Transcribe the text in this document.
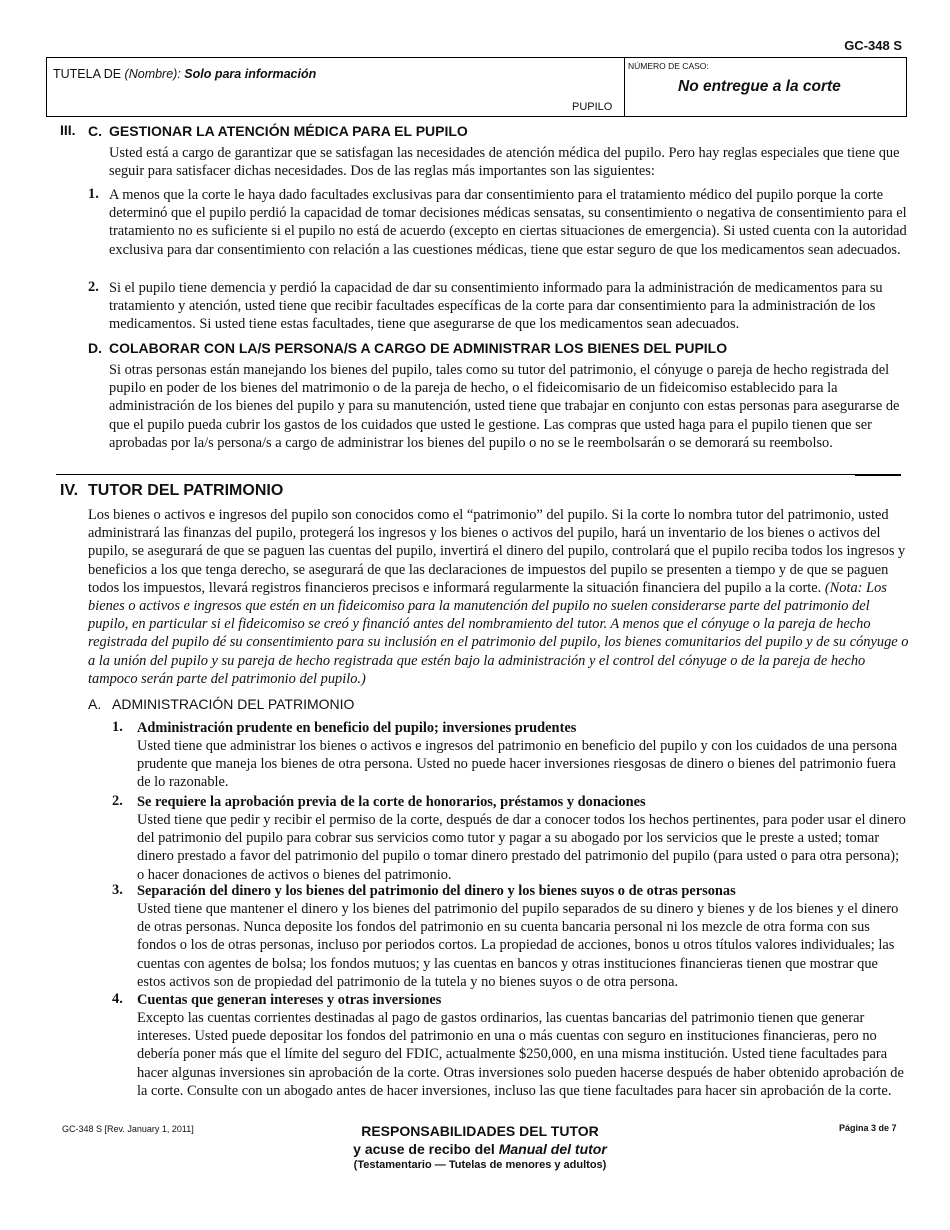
GC-348 S
TUTELA DE (Nombre): Solo para información
PUPILO
NÚMERO DE CASO:
No entregue a la corte
III. C. GESTIONAR LA ATENCIÓN MÉDICA PARA EL PUPILO
Usted está a cargo de garantizar que se satisfagan las necesidades de atención médica del pupilo. Pero hay reglas especiales que tiene que seguir para satisfacer dichas necesidades. Dos de las reglas más importantes son las siguientes:
1. A menos que la corte le haya dado facultades exclusivas para dar consentimiento para el tratamiento médico del pupilo porque la corte determinó que el pupilo perdió la capacidad de tomar decisiones médicas sensatas, su consentimiento o negativa de consentimiento para el tratamiento no es suficiente si el pupilo no está de acuerdo (excepto en ciertas situaciones de emergencia). Si usted cuenta con la autoridad exclusiva para dar consentimiento con relación a las cuestiones médicas, tiene que estar seguro de que los medicamentos sean adecuados.
2. Si el pupilo tiene demencia y perdió la capacidad de dar su consentimiento informado para la administración de medicamentos para su tratamiento y atención, usted tiene que recibir facultades específicas de la corte para dar consentimiento para la administración de los medicamentos. Si usted tiene estas facultades, tiene que asegurarse de que los medicamentos sean adecuados.
D. COLABORAR CON LA/S PERSONA/S A CARGO DE ADMINISTRAR LOS BIENES DEL PUPILO
Si otras personas están manejando los bienes del pupilo, tales como su tutor del patrimonio, el cónyuge o pareja de hecho registrada del pupilo en poder de los bienes del matrimonio o de la pareja de hecho, o el fideicomisario de un fideicomiso establecido para la administración de los bienes del pupilo y para su manutención, usted tiene que trabajar en conjunto con estas personas para asegurarse de que el pupilo pueda cubrir los gastos de los cuidados que usted le gestione. Las compras que usted haga para el pupilo tienen que ser aprobadas por la/s persona/s a cargo de administrar los bienes del pupilo o no se le reembolsarán o se demorará su reembolso.
IV. TUTOR DEL PATRIMONIO
Los bienes o activos e ingresos del pupilo son conocidos como el “patrimonio” del pupilo. Si la corte lo nombra tutor del patrimonio, usted administrará las finanzas del pupilo, protegerá los ingresos y los bienes o activos del pupilo, hará un inventario de los bienes o activos del pupilo, se asegurará de que se paguen las cuentas del pupilo, invertirá el dinero del pupilo, controlará que el pupilo reciba todos los ingresos y beneficios a los que tenga derecho, se asegurará de que las declaraciones de impuestos del pupilo se presenten a tiempo y de que se paguen todos los impuestos, llevará registros financieros precisos e informará regularmente la situación financiera del pupilo a la corte. (Nota: Los bienes o activos e ingresos que estén en un fideicomiso para la manutención del pupilo no suelen considerarse parte del patrimonio del pupilo, en particular si el fideicomiso se creó y financió antes del nombramiento del tutor. A menos que el cónyuge o la pareja de hecho registrada del pupilo dé su consentimiento para su inclusión en el patrimonio del pupilo, los bienes comunitarios del pupilo y de su cónyuge o a la unión del pupilo y su pareja de hecho registrada que estén bajo la administración y el control del cónyuge o de la pareja de hecho tampoco serán parte del patrimonio del pupilo.)
A. ADMINISTRACIÓN DEL PATRIMONIO
1. Administración prudente en beneficio del pupilo; inversiones prudentes
Usted tiene que administrar los bienes o activos e ingresos del patrimonio en beneficio del pupilo y con los cuidados de una persona prudente que maneja los bienes de otra persona. Usted no puede hacer inversiones riesgosas de dinero o bienes del patrimonio fuera de lo razonable.
2. Se requiere la aprobación previa de la corte de honorarios, préstamos y donaciones
Usted tiene que pedir y recibir el permiso de la corte, después de dar a conocer todos los hechos pertinentes, para poder usar el dinero del patrimonio del pupilo para cobrar sus servicios como tutor y pagar a su abogado por los servicios que le preste a usted; tomar dinero prestado a favor del patrimonio del pupilo o tomar dinero prestado del patrimonio del pupilo (para usted o para otra persona); o hacer donaciones de activos o bienes del patrimonio.
3. Separación del dinero y los bienes del patrimonio del dinero y los bienes suyos o de otras personas
Usted tiene que mantener el dinero y los bienes del patrimonio del pupilo separados de su dinero y bienes y de los bienes y el dinero de otras personas. Nunca deposite los fondos del patrimonio en su cuenta bancaria personal ni los mezcle de otra forma con sus fondos o los de otras personas, incluso por periodos cortos. La propiedad de acciones, bonos u otros títulos valores individuales; las cuentas con agentes de bolsa; los fondos mutuos; y las cuentas en bancos y otras instituciones financieras tienen que mostrar que estos activos son de propiedad del patrimonio de la tutela y no bienes suyos o de otra persona.
4. Cuentas que generan intereses y otras inversiones
Excepto las cuentas corrientes destinadas al pago de gastos ordinarios, las cuentas bancarias del patrimonio tienen que generar intereses. Usted puede depositar los fondos del patrimonio en una o más cuentas con seguro en instituciones financieras, pero no debería poner más que el límite del seguro del FDIC, actualmente $250,000, en una misma institución. Usted tiene facultades para hacer algunas inversiones sin aprobación de la corte. Otras inversiones solo pueden hacerse después de haber obtenido aprobación de la corte. Consulte con un abogado antes de hacer inversiones, incluso las que tiene facultades para hacer sin aprobación de la corte.
GC-348 S [Rev. January 1, 2011]	RESPONSABILIDADES DEL TUTOR
y acuse de recibo del Manual del tutor
(Testamentario — Tutelas de menores y adultos)
Página 3 de 7
